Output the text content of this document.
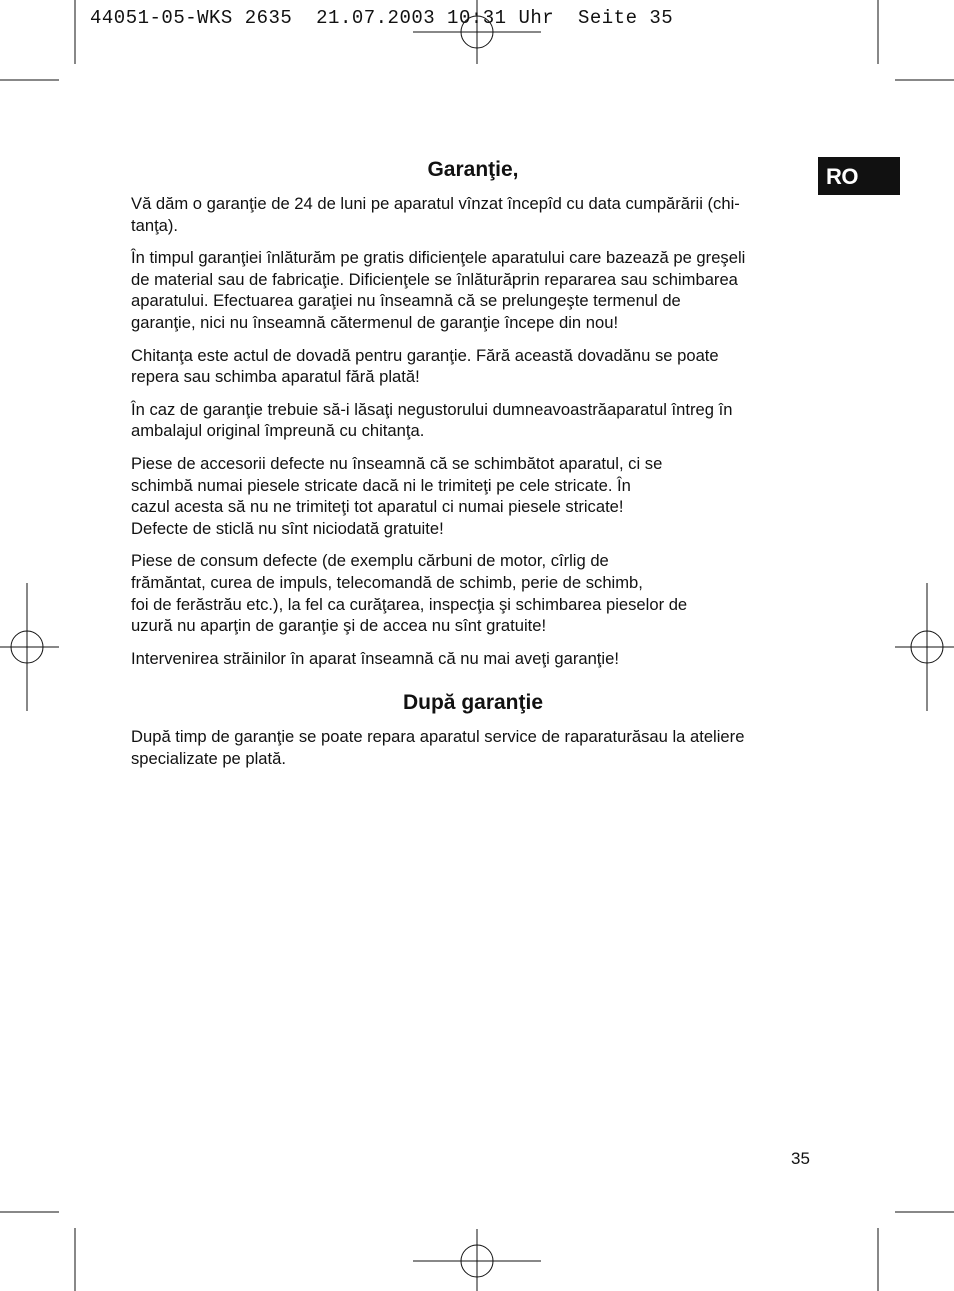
44051-05-WKS 2635  21.07.2003 10:31 Uhr  Seite 35
RO
Garanţie,

Vă dăm o garanţie de 24 de luni pe aparatul vînzat începîd cu data cumpărării (chi-
tanţa).

În timpul garanţiei înlăturăm pe gratis dificienţele aparatului care bazează pe greşeli
de material sau de fabricaţie. Dificienţele se înlăturăprin repararea sau schimbarea
aparatului. Efectuarea garaţiei nu înseamnă că se prelungeşte termenul de
garanţie, nici nu înseamnă cătermenul de garanţie începe din nou!

Chitanţa este actul de dovadă pentru garanţie. Fără această dovadănu se poate
repera sau schimba aparatul fără plată!

În caz de garanţie trebuie să-i lăsaţi negustorului dumneavoastrăaparatul întreg în
ambalajul original împreună cu chitanţa.

Piese de accesorii defecte nu înseamnă că se schimbătot aparatul, ci se
schimbă numai piesele stricate dacă ni le trimiteţi pe cele stricate. În
cazul acesta să nu ne trimiteţi tot aparatul ci numai piesele stricate!
Defecte de sticlă nu sînt niciodată gratuite!

Piese de consum defecte (de exemplu cărbuni de motor, cîrlig de
frămăntat, curea de impuls, telecomandă de schimb, perie de schimb,
foi de ferăstrău etc.), la fel ca curăţarea, inspecţia şi schimbarea pieselor de
uzură nu aparţin de garanţie şi de accea nu sînt gratuite!

Intervenirea străinilor în aparat înseamnă că nu mai aveţi garanţie!

După garanţie

După timp de garanţie se poate repara aparatul service de raparaturăsau la ateliere
specializate pe plată.

35
